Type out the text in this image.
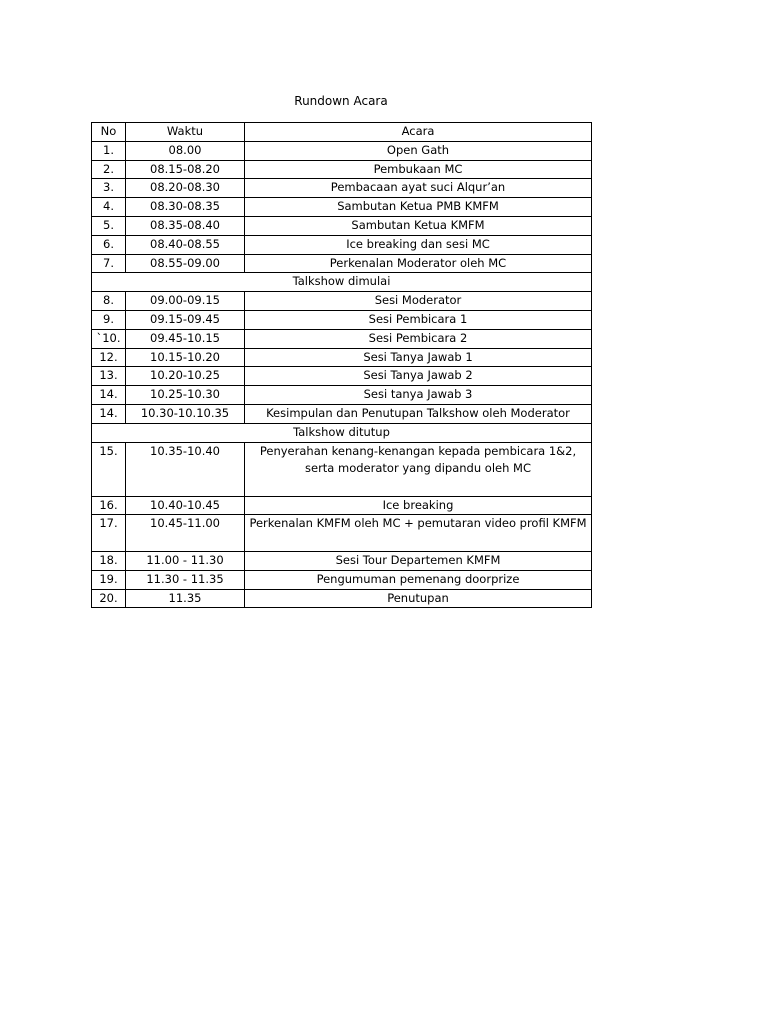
Rundown Acara
No	Waktu	Acara
1.	08.00	Open Gath
2.	08.15-08.20	Pembukaan MC
3.	08.20-08.30	Pembacaan ayat suci Alqur’an
4.	08.30-08.35	Sambutan Ketua PMB KMFM
5.	08.35-08.40	Sambutan Ketua KMFM
6.	08.40-08.55	Ice breaking dan sesi MC
7.	08.55-09.00	Perkenalan Moderator oleh MC
Talkshow dimulai		
8.	09.00-09.15	Sesi Moderator
9.	09.15-09.45	Sesi Pembicara 1
`10.	09.45-10.15	Sesi Pembicara 2
12.	10.15-10.20	Sesi Tanya Jawab 1
13.	10.20-10.25	Sesi Tanya Jawab 2
14.	10.25-10.30	Sesi tanya Jawab 3
14.	10.30-10.10.35	Kesimpulan dan Penutupan Talkshow oleh Moderator
Talkshow ditutup		
15.	10.35-10.40	Penyerahan kenang-kenangan kepada pembicara 1&2, serta moderator yang dipandu oleh MC
16.	10.40-10.45	Ice breaking
17.	10.45-11.00	Perkenalan KMFM oleh MC + pemutaran video profil KMFM
18.	11.00 - 11.30	Sesi Tour Departemen KMFM
19.	11.30 - 11.35	Pengumuman pemenang doorprize
20.	11.35	Penutupan
